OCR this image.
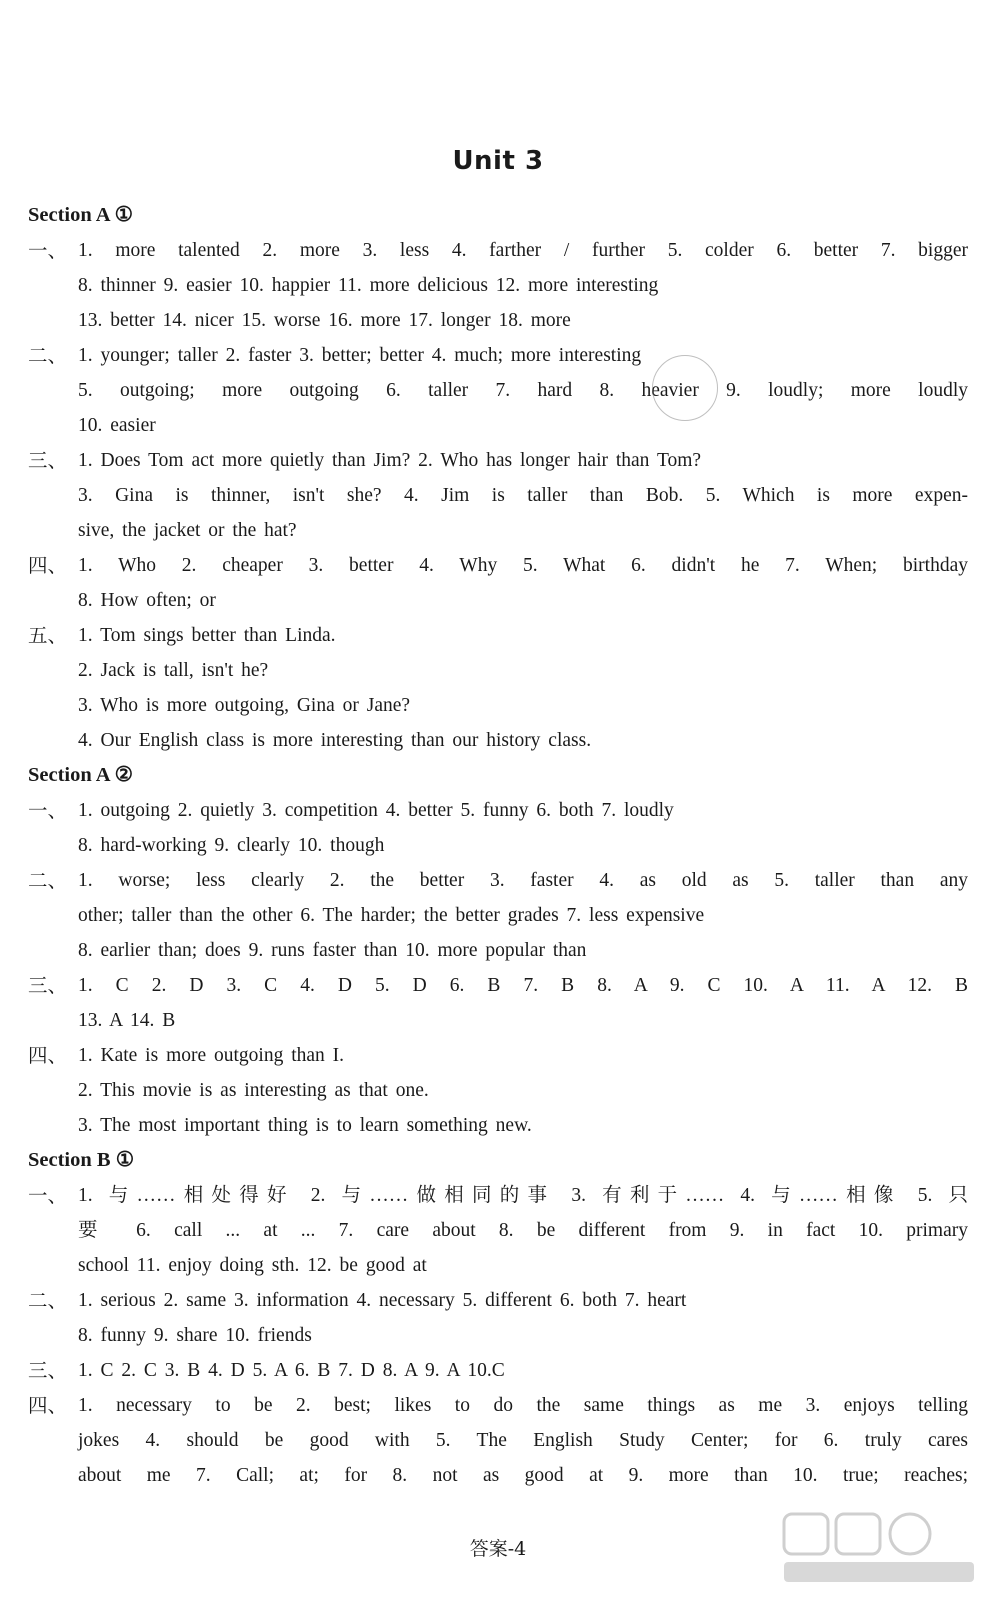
Unit 3
Section A ①
一、 1. more talented 2. more 3. less 4. farther / further 5. colder 6. better 7. bigger
8. thinner 9. easier 10. happier 11. more delicious 12. more interesting
13. better 14. nicer 15. worse 16. more 17. longer 18. more
二、 1. younger; taller 2. faster 3. better; better 4. much; more interesting
5. outgoing; more outgoing 6. taller 7. hard 8. heavier 9. loudly; more loudly
10. easier
三、 1. Does Tom act more quietly than Jim? 2. Who has longer hair than Tom?
3. Gina is thinner, isn't she? 4. Jim is taller than Bob. 5. Which is more expen-
sive, the jacket or the hat?
四、 1. Who 2. cheaper 3. better 4. Why 5. What 6. didn't he 7. When; birthday
8. How often; or
五、 1. Tom sings better than Linda.
2. Jack is tall, isn't he?
3. Who is more outgoing, Gina or Jane?
4. Our English class is more interesting than our history class.
Section A ②
一、 1. outgoing 2. quietly 3. competition 4. better 5. funny 6. both 7. loudly
8. hard-working 9. clearly 10. though
二、 1. worse; less clearly 2. the better 3. faster 4. as old as 5. taller than any
other; taller than the other 6. The harder; the better grades 7. less expensive
8. earlier than; does 9. runs faster than 10. more popular than
三、 1. C 2. D 3. C 4. D 5. D 6. B 7. B 8. A 9. C 10. A 11. A 12. B
13. A 14. B
四、 1. Kate is more outgoing than I.
2. This movie is as interesting as that one.
3. The most important thing is to learn something new.
Section B ①
一、 1. 与……相处得好 2. 与……做相同的事 3. 有利于…… 4. 与……相像 5. 只
要 6. call ... at ... 7. care about 8. be different from 9. in fact 10. primary
school 11. enjoy doing sth. 12. be good at
二、 1. serious 2. same 3. information 4. necessary 5. different 6. both 7. heart
8. funny 9. share 10. friends
三、 1. C 2. C 3. B 4. D 5. A 6. B 7. D 8. A 9. A 10.C
四、 1. necessary to be 2. best; likes to do the same things as me 3. enjoys telling
jokes 4. should be good with 5. The English Study Center; for 6. truly cares
about me 7. Call; at; for 8. not as good at 9. more than 10. true; reaches;
答案-4
